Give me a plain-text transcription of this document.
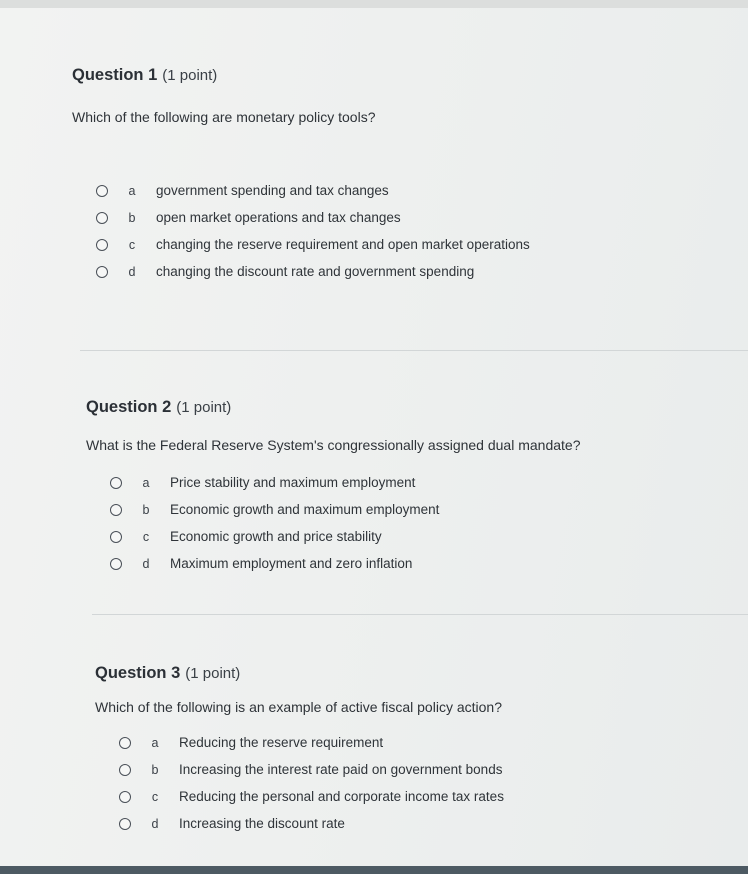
Question 1 (1 point)
Which of the following are monetary policy tools?
a	government spending and tax changes
b	open market operations and tax changes
c	changing the reserve requirement and open market operations
d	changing the discount rate and government spending
Question 2 (1 point)
What is the Federal Reserve System's congressionally assigned dual mandate?
a	Price stability and maximum employment
b	Economic growth and maximum employment
c	Economic growth and price stability
d	Maximum employment and zero inflation
Question 3 (1 point)
Which of the following is an example of active fiscal policy action?
a	Reducing the reserve requirement
b	Increasing the interest rate paid on government bonds
c	Reducing the personal and corporate income tax rates
d	Increasing the discount rate
